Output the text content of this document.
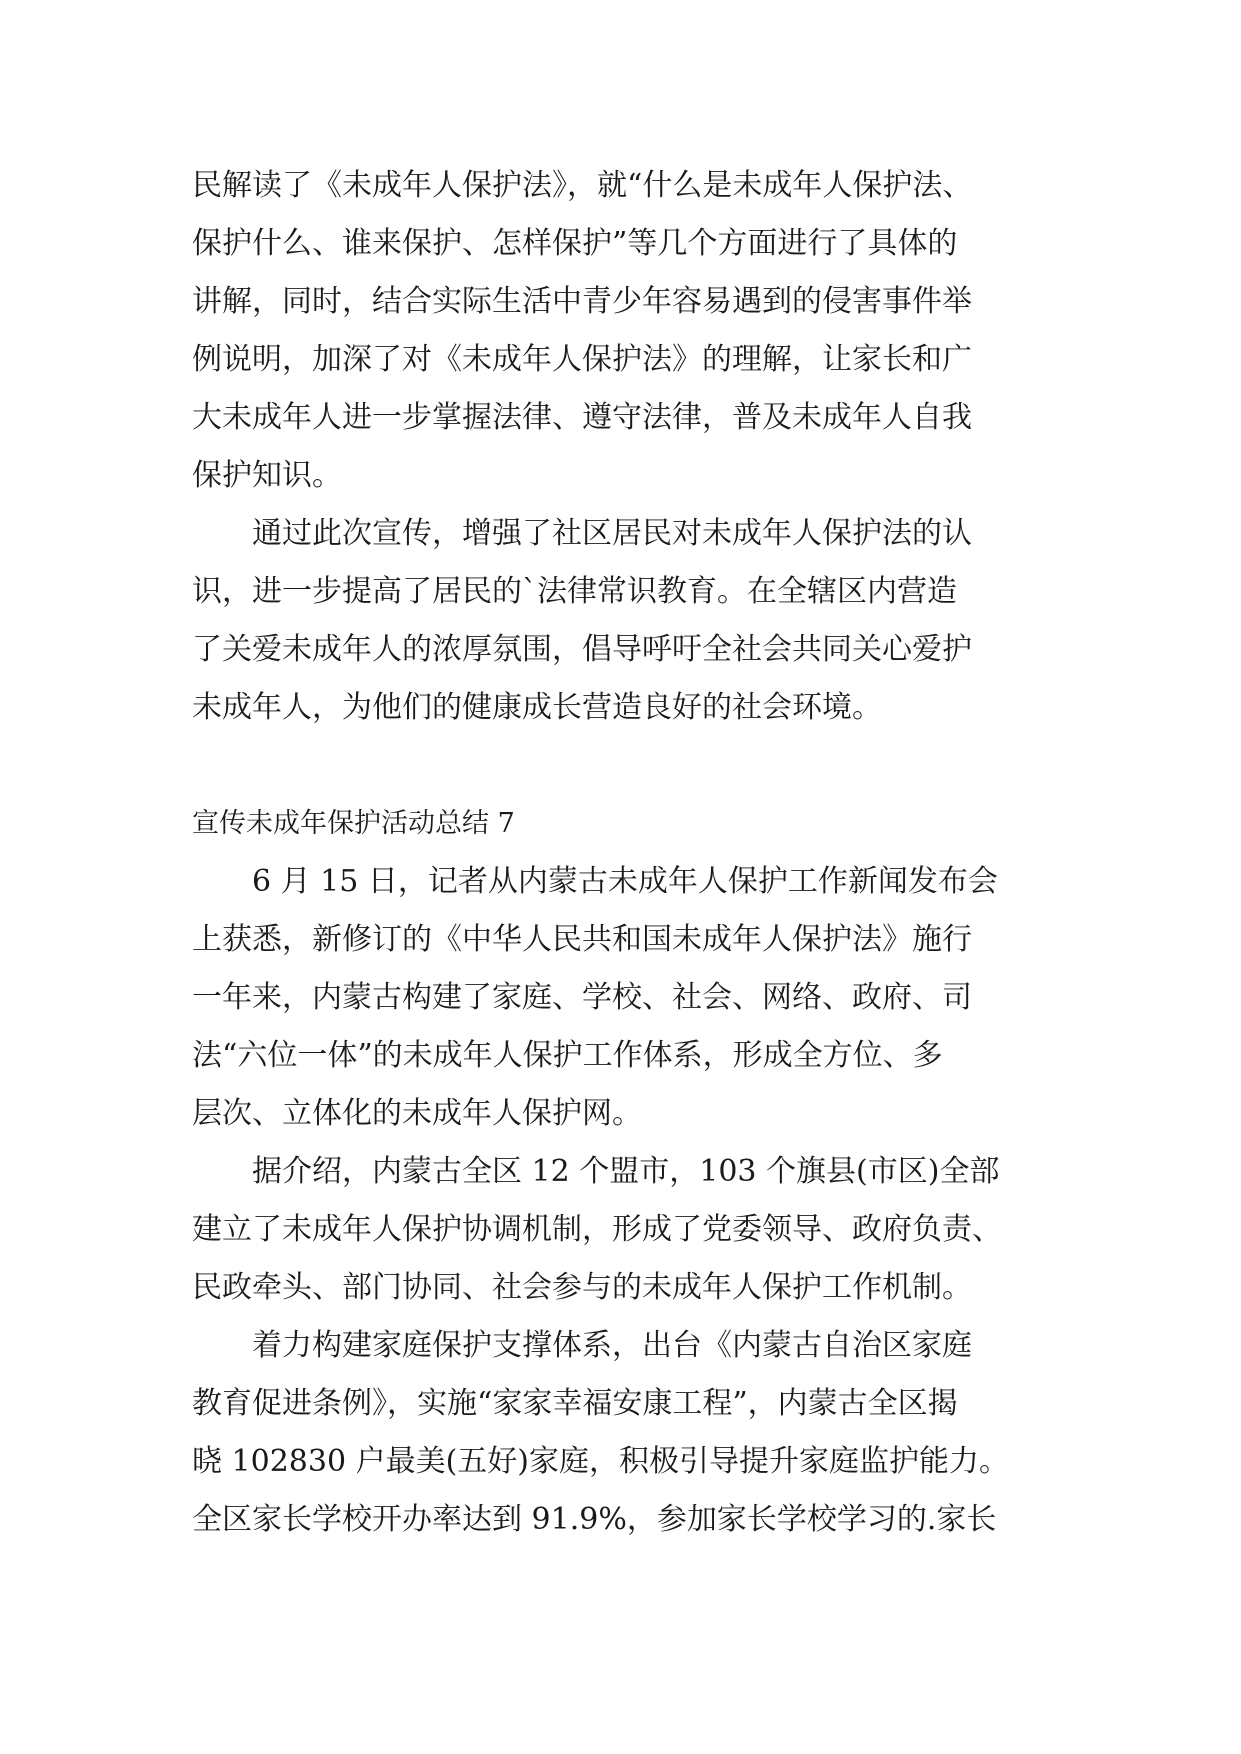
民解读了《未成年人保护法》，就“什么是未成年人保护法、

保护什么、谁来保护、怎样保护”等几个方面进行了具体的

讲解，同时，结合实际生活中青少年容易遇到的侵害事件举

例说明，加深了对《未成年人保护法》的理解，让家长和广

大未成年人进一步掌握法律、遵守法律，普及未成年人自我

保护知识。

通过此次宣传，增强了社区居民对未成年人保护法的认

识，进一步提高了居民的`法律常识教育。在全辖区内营造

了关爱未成年人的浓厚氛围，倡导呼吁全社会共同关心爱护

未成年人，为他们的健康成长营造良好的社会环境。

宣传未成年保护活动总结 7

6 月 15 日，记者从内蒙古未成年人保护工作新闻发布会

上获悉，新修订的《中华人民共和国未成年人保护法》施行

一年来，内蒙古构建了家庭、学校、社会、网络、政府、司

法“六位一体”的未成年人保护工作体系，形成全方位、多

层次、立体化的未成年人保护网。

据介绍，内蒙古全区 12 个盟市，103 个旗县(市区)全部

建立了未成年人保护协调机制，形成了党委领导、政府负责、

民政牵头、部门协同、社会参与的未成年人保护工作机制。

着力构建家庭保护支撑体系，出台《内蒙古自治区家庭

教育促进条例》，实施“家家幸福安康工程”，内蒙古全区揭

晓 102830 户最美(五好)家庭，积极引导提升家庭监护能力。

全区家长学校开办率达到 91.9%，参加家长学校学习的.家长
